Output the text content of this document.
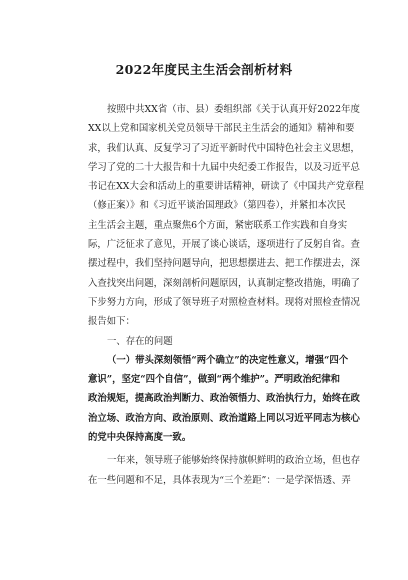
2022年度民主生活会剖析材料
按照中共XX省（市、县）委组织部《关于认真开好2022年度
XX以上党和国家机关党员领导干部民主生活会的通知》精神和要
求，我们认真、反复学习了习近平新时代中国特色社会主义思想，
学习了党的二十大报告和十九届中央纪委工作报告，以及习近平总
书记在XX大会和活动上的重要讲话精神，研读了《中国共产党章程
（修正案）》和《习近平谈治国理政》（第四卷），并紧扣本次民
主生活会主题，重点聚焦6个方面，紧密联系工作实践和自身实
际，广泛征求了意见，开展了谈心谈话，逐项进行了反躬自省。查
摆过程中，我们坚持问题导向，把思想摆进去、把工作摆进去，深
入查找突出问题，深刻剖析问题原因，认真制定整改措施，明确了
下步努力方向，形成了领导班子对照检查材料。现将对照检查情况
报告如下：
一、存在的问题
（一）带头深刻领悟“两个确立”的决定性意义，增强“四个
意识”，坚定“四个自信”，做到“两个维护”。严明政治纪律和
政治规矩，提高政治判断力、政治领悟力、政治执行力，始终在政
治立场、政治方向、政治原则、政治道路上同以习近平同志为核心
的党中央保持高度一致。
一年来，领导班子能够始终保持旗帜鲜明的政治立场，但也存
在一些问题和不足，具体表现为“三个差距”：一是学深悟透、弄
